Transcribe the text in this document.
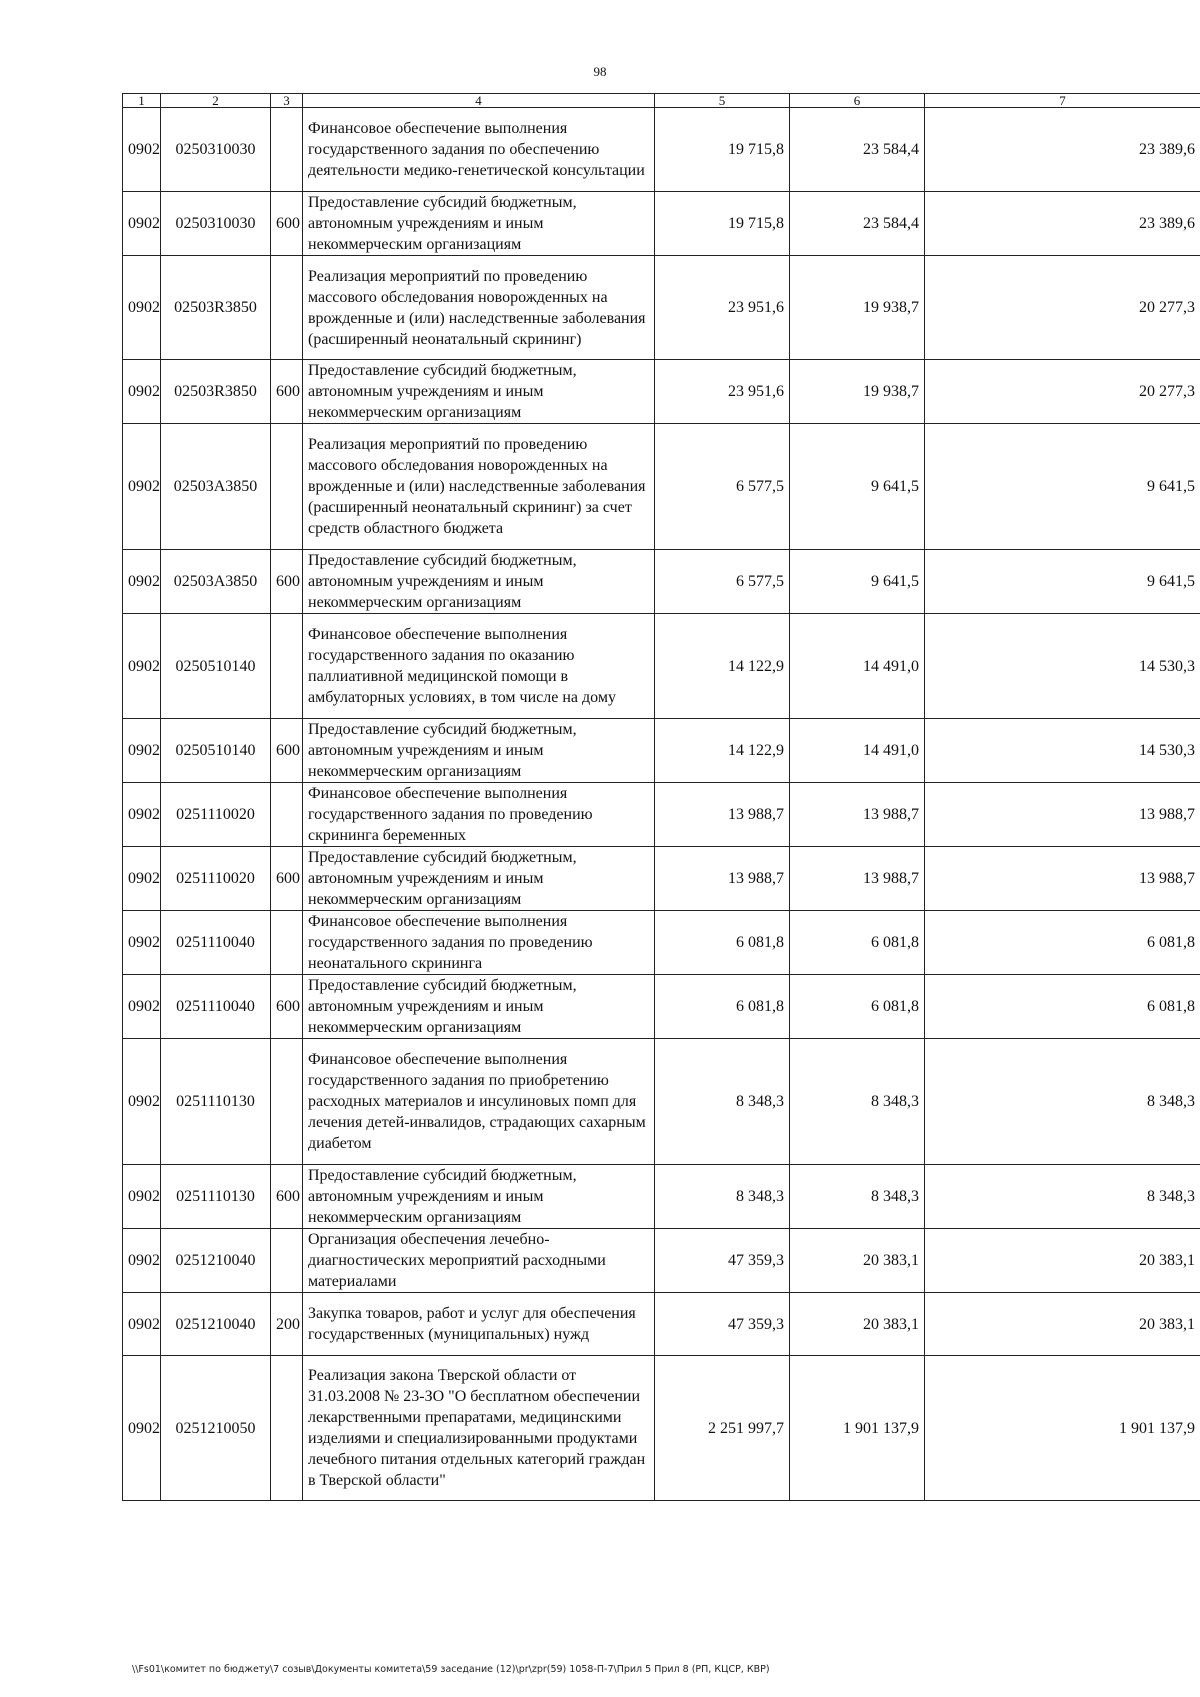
98
1	2	3	4	5	6	7
0902	0250310030		Финансовое обеспечение выполнения государственного задания по обеспечению деятельности медико-генетической консультации	19 715,8	23 584,4	23 389,6
0902	0250310030	600	Предоставление субсидий бюджетным, автономным учреждениям и иным некоммерческим организациям	19 715,8	23 584,4	23 389,6
0902	02503R3850		Реализация мероприятий по проведению массового обследования новорожденных на врожденные и (или) наследственные заболевания (расширенный неонатальный скрининг)	23 951,6	19 938,7	20 277,3
0902	02503R3850	600	Предоставление субсидий бюджетным, автономным учреждениям и иным некоммерческим организациям	23 951,6	19 938,7	20 277,3
0902	02503А3850		Реализация мероприятий по проведению массового обследования новорожденных на врожденные и (или) наследственные заболевания (расширенный неонатальный скрининг) за счет средств областного бюджета	6 577,5	9 641,5	9 641,5
0902	02503А3850	600	Предоставление субсидий бюджетным, автономным учреждениям и иным некоммерческим организациям	6 577,5	9 641,5	9 641,5
0902	0250510140		Финансовое обеспечение выполнения государственного задания по оказанию паллиативной медицинской помощи в амбулаторных условиях, в том числе на дому	14 122,9	14 491,0	14 530,3
0902	0250510140	600	Предоставление субсидий бюджетным, автономным учреждениям и иным некоммерческим организациям	14 122,9	14 491,0	14 530,3
0902	0251110020		Финансовое обеспечение выполнения государственного задания по проведению скрининга беременных	13 988,7	13 988,7	13 988,7
0902	0251110020	600	Предоставление субсидий бюджетным, автономным учреждениям и иным некоммерческим организациям	13 988,7	13 988,7	13 988,7
0902	0251110040		Финансовое обеспечение выполнения государственного задания по проведению неонатального скрининга	6 081,8	6 081,8	6 081,8
0902	0251110040	600	Предоставление субсидий бюджетным, автономным учреждениям и иным некоммерческим организациям	6 081,8	6 081,8	6 081,8
0902	0251110130		Финансовое обеспечение выполнения государственного задания по приобретению расходных материалов и инсулиновых помп для лечения детей-инвалидов, страдающих сахарным диабетом	8 348,3	8 348,3	8 348,3
0902	0251110130	600	Предоставление субсидий бюджетным, автономным учреждениям и иным некоммерческим организациям	8 348,3	8 348,3	8 348,3
0902	0251210040		Организация обеспечения лечебно-диагностических мероприятий расходными материалами	47 359,3	20 383,1	20 383,1
0902	0251210040	200	Закупка товаров, работ и услуг для обеспечения государственных (муниципальных) нужд	47 359,3	20 383,1	20 383,1
0902	0251210050		Реализация закона Тверской области от 31.03.2008 № 23-ЗО "О бесплатном обеспечении лекарственными препаратами, медицинскими изделиями и специализированными продуктами лечебного питания отдельных категорий граждан в Тверской области"	2 251 997,7	1 901 137,9	1 901 137,9
\\Fs01\комитет по бюджету\7 созыв\Документы комитета\59 заседание (12)\pr\zpr(59) 1058-П-7\Прил 5 Прил 8 (РП, КЦСР, КВР)
